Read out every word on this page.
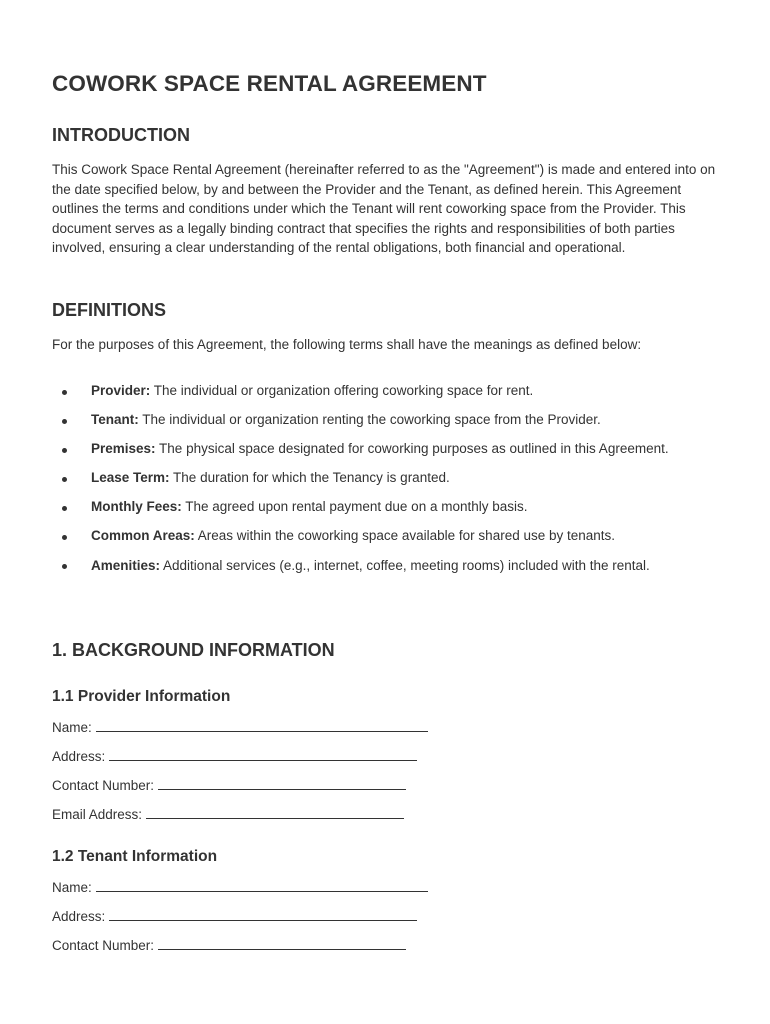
COWORK SPACE RENTAL AGREEMENT
INTRODUCTION

This Cowork Space Rental Agreement (hereinafter referred to as the "Agreement") is made and entered into on the date specified below, by and between the Provider and the Tenant, as defined herein. This Agreement outlines the terms and conditions under which the Tenant will rent coworking space from the Provider. This document serves as a legally binding contract that specifies the rights and responsibilities of both parties involved, ensuring a clear understanding of the rental obligations, both financial and operational.

DEFINITIONS

For the purposes of this Agreement, the following terms shall have the meanings as defined below:

Provider: The individual or organization offering coworking space for rent.
Tenant: The individual or organization renting the coworking space from the Provider.
Premises: The physical space designated for coworking purposes as outlined in this Agreement.
Lease Term: The duration for which the Tenancy is granted.
Monthly Fees: The agreed upon rental payment due on a monthly basis.
Common Areas: Areas within the coworking space available for shared use by tenants.
Amenities: Additional services (e.g., internet, coffee, meeting rooms) included with the rental.
1. BACKGROUND INFORMATION
1.1 Provider Information
Name:
Address:
Contact Number:
Email Address:
1.2 Tenant Information
Name:
Address:
Contact Number:
